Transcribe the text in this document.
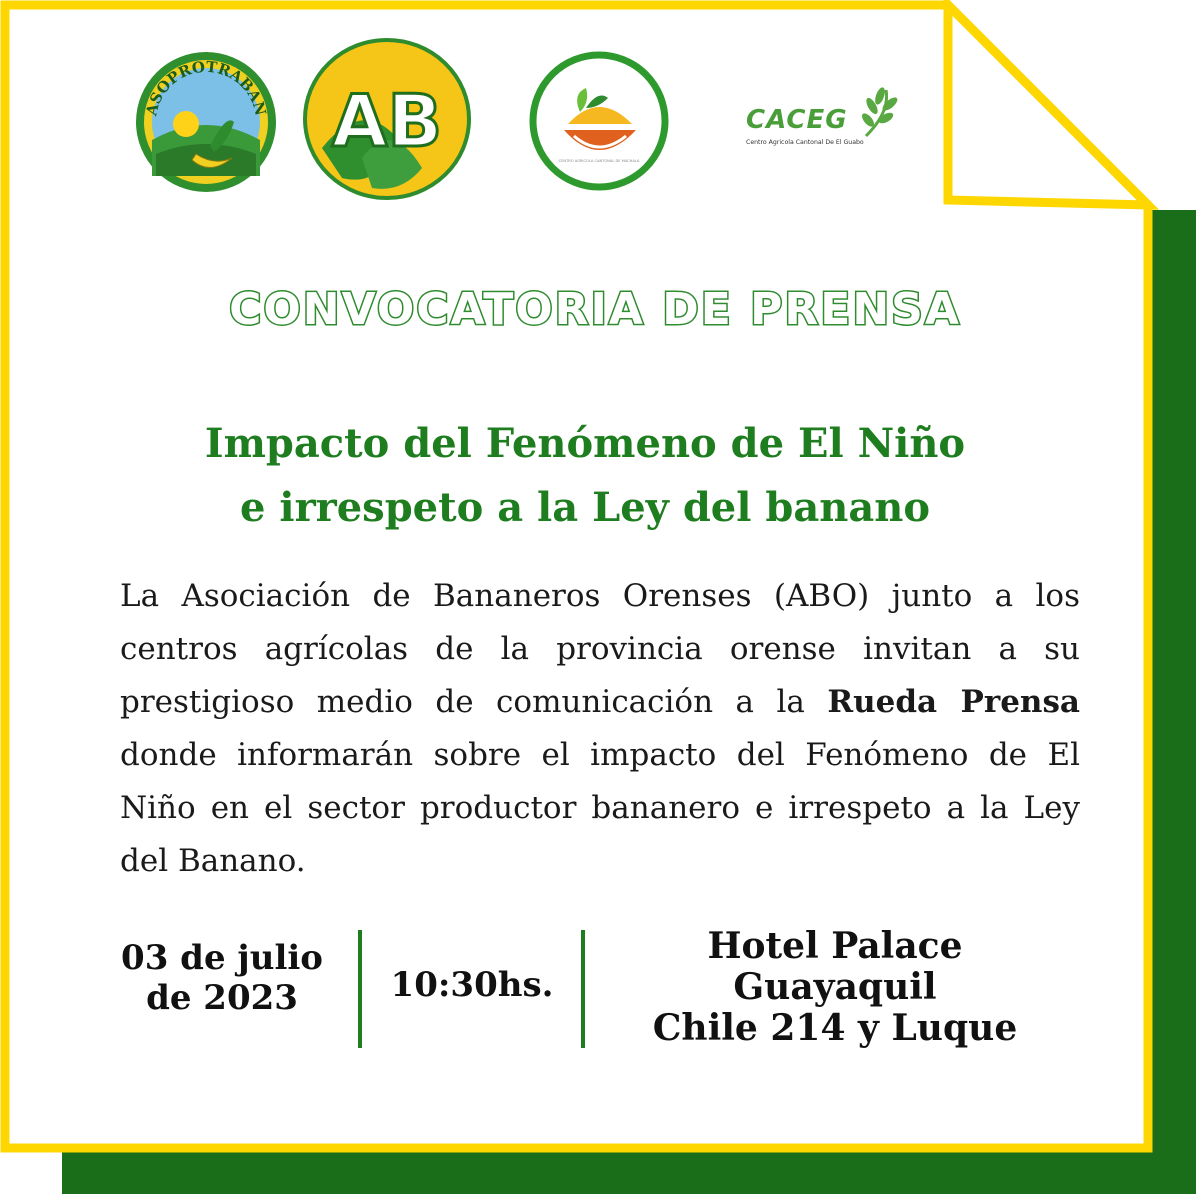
ASOPROTRABAN AB	CENTRO AGRICOLA CANTONAL DE MACHALA
CACEG
Centro Agricola Cantonal De El Guabo
CONVOCATORIA DE PRENSA
Impacto del Fenómeno de El Niño
e irrespeto a la Ley del banano

La Asociación de Bananeros Orenses (ABO) junto a los centros agrícolas de la provincia orense invitan a su prestigioso medio de comunicación a la Rueda Prensa donde informarán sobre el impacto del Fenómeno de El Niño en el sector productor bananero e irrespeto a la Ley del Banano.

03 de julio
de 2023	10:30hs.
Hotel Palace
Guayaquil
Chile 214 y Luque
